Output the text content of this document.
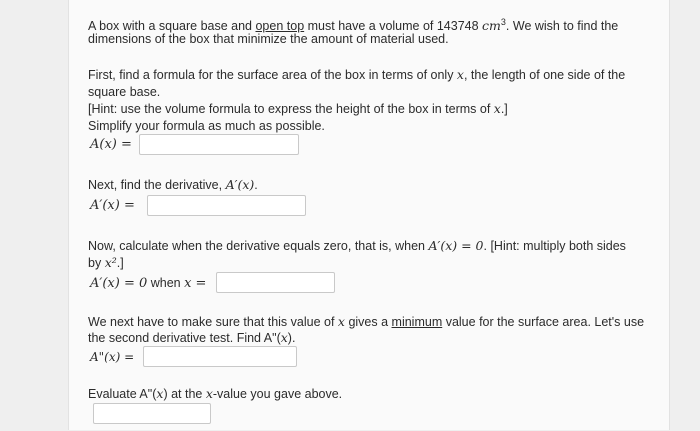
A box with a square base and open top must have a volume of 143748 $cm^3$. We wish to find the
dimensions of the box that minimize the amount of material used.
First, find a formula for the surface area of the box in terms of only x, the length of one side of the
square base.
[Hint: use the volume formula to express the height of the box in terms of x.]
Simplify your formula as much as possible.
A(x) =
Next, find the derivative, A′(x).
A′(x) =
Now, calculate when the derivative equals zero, that is, when A′(x) = 0. [Hint: multiply both sides
by x².]
A′(x) = 0 when x =
We next have to make sure that this value of x gives a minimum value for the surface area. Let's use
the second derivative test. Find A"(x).
A"(x) =
Evaluate A"(x) at the x-value you gave above.
